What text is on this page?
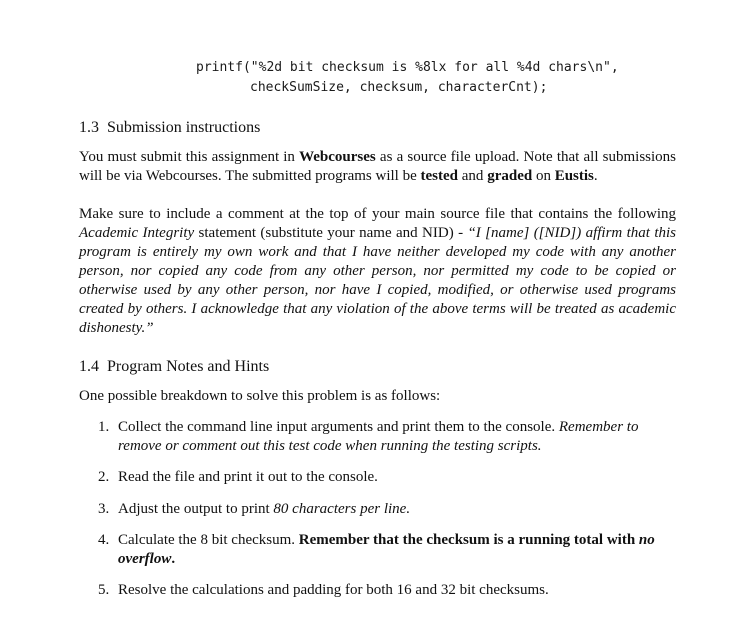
printf("%2d bit checksum is %8lx for all %4d chars\n",
checkSumSize, checksum, characterCnt);
1.3 Submission instructions
You must submit this assignment in Webcourses as a source file upload. Note that all submissions will be via Webcourses. The submitted programs will be tested and graded on Eustis.
Make sure to include a comment at the top of your main source file that contains the following Academic Integrity statement (substitute your name and NID) - “I [name] ([NID]) affirm that this program is entirely my own work and that I have neither developed my code with any another person, nor copied any code from any other person, nor permitted my code to be copied or otherwise used by any other person, nor have I copied, modified, or otherwise used programs created by others. I acknowledge that any violation of the above terms will be treated as academic dishonesty.”
1.4 Program Notes and Hints
One possible breakdown to solve this problem is as follows:
1. Collect the command line input arguments and print them to the console. Remember to remove or comment out this test code when running the testing scripts.
2. Read the file and print it out to the console.
3. Adjust the output to print 80 characters per line.
4. Calculate the 8 bit checksum. Remember that the checksum is a running total with no overflow.
5. Resolve the calculations and padding for both 16 and 32 bit checksums.
